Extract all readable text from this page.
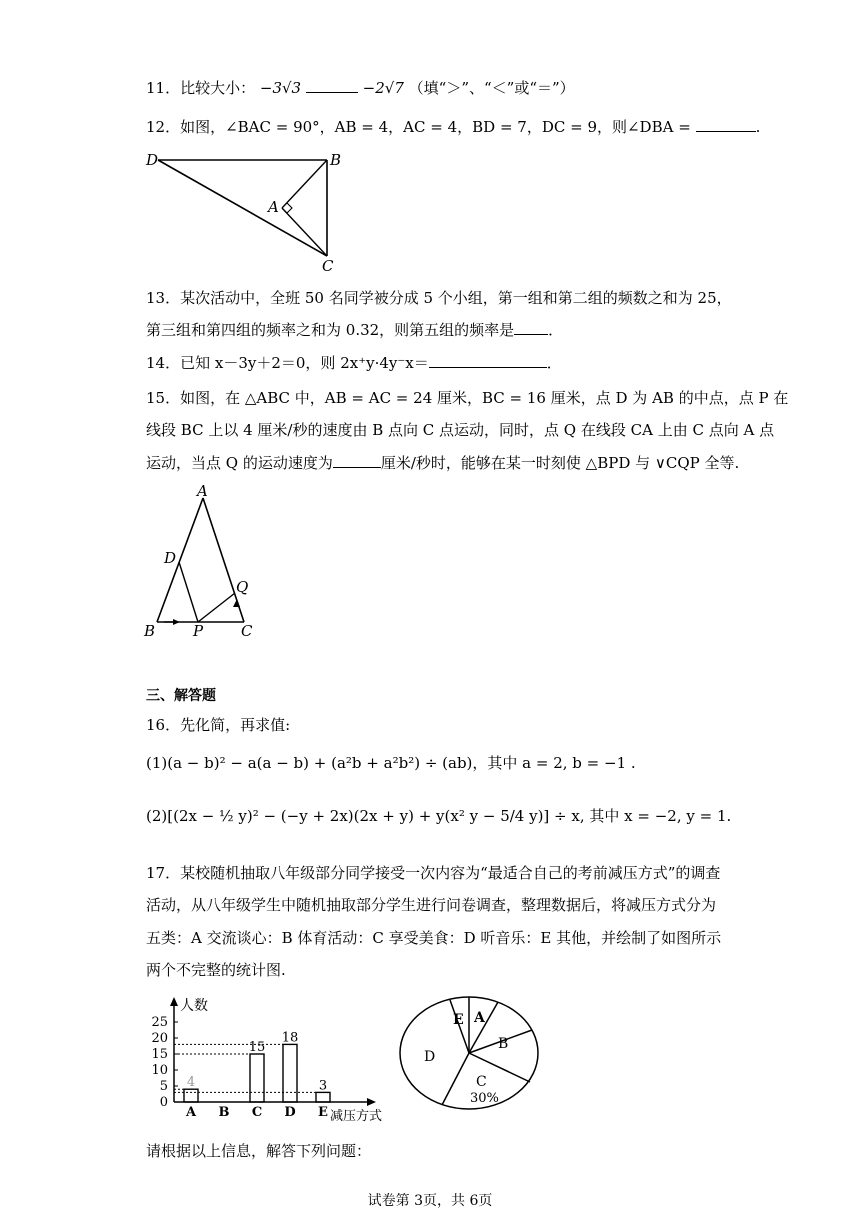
11．比较大小： −3√3	−2√7 （填“＞”、“＜”或“＝”）
12．如图，∠BAC = 90°，AB = 4，AC = 4，BD = 7，DC = 9，则∠DBA =	.
D	B
A
C
13．某次活动中，全班 50 名同学被分成 5 个小组，第一组和第二组的频数之和为 25，
第三组和第四组的频率之和为 0.32，则第五组的频率是 ．
14．已知 x－3y＋2＝0，则 2x⁺y·4y⁻x＝	．
15．如图，在 △ABC 中，AB = AC = 24 厘米，BC = 16 厘米，点 D 为 AB 的中点，点 P 在
线段 BC 上以 4 厘米/秒的速度由 B 点向 C 点运动，同时，点 Q 在线段 CA 上由 C 点向 A 点
运动，当点 Q 的运动速度为	厘米/秒时，能够在某一时刻使 △BPD 与 ∨CQP 全等.
A
D
Q
B	P	C
三、解答题
16．先化简，再求值:
(1)(a − b)² − a(a − b) + (a²b + a²b²) ÷ (ab)，其中 a = 2, b = −1 .
(2)[(2x − ½ y)² − (−y + 2x)(2x + y) + y(x² y − 5/4 y)] ÷ x, 其中 x = −2, y = 1.
17．某校随机抽取八年级部分同学接受一次内容为“最适合自己的考前减压方式”的调查
活动，从八年级学生中随机抽取部分学生进行问卷调查，整理数据后，将减压方式分为
五类：A 交流谈心：B 体育活动：C 享受美食：D 听音乐：E 其他，并绘制了如图所示
两个不完整的统计图.
人数
减压方式
0
5
10
15
20
25
A
4
B C
15
D
18
E
3
E A
B
C
30%
D
请根据以上信息，解答下列问题：
试卷第 3页，共 6页
